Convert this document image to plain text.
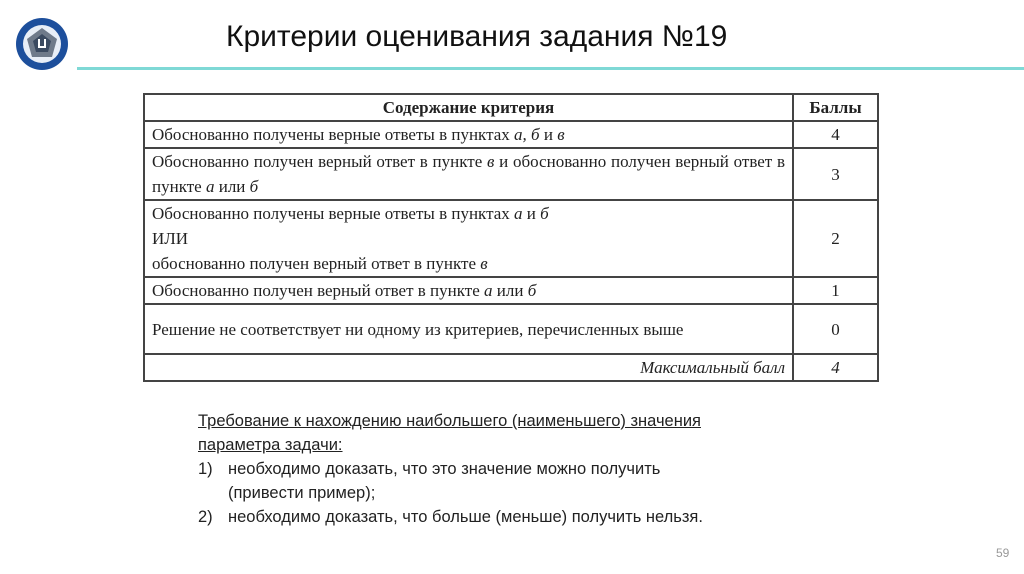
Критерии оценивания задания №19
Содержание критерия	Баллы
Обоснованно получены верные ответы в пунктах а, б и в	4
Обоснованно получен верный ответ в пункте в и обоснованно получен верный ответ в пункте а или б	3
Обоснованно получены верные ответы в пунктах а и б
ИЛИ
обоснованно получен верный ответ в пункте в	2
Обоснованно получен верный ответ в пункте а или б	1
Решение не соответствует ни одному из критериев, перечисленных выше	0
Максимальный балл	4
Требование к нахождению наибольшего (наименьшего) значения
параметра задачи:
1) необходимо доказать, что это значение можно получить
(привести пример);
2) необходимо доказать, что больше (меньше) получить нельзя.
59
